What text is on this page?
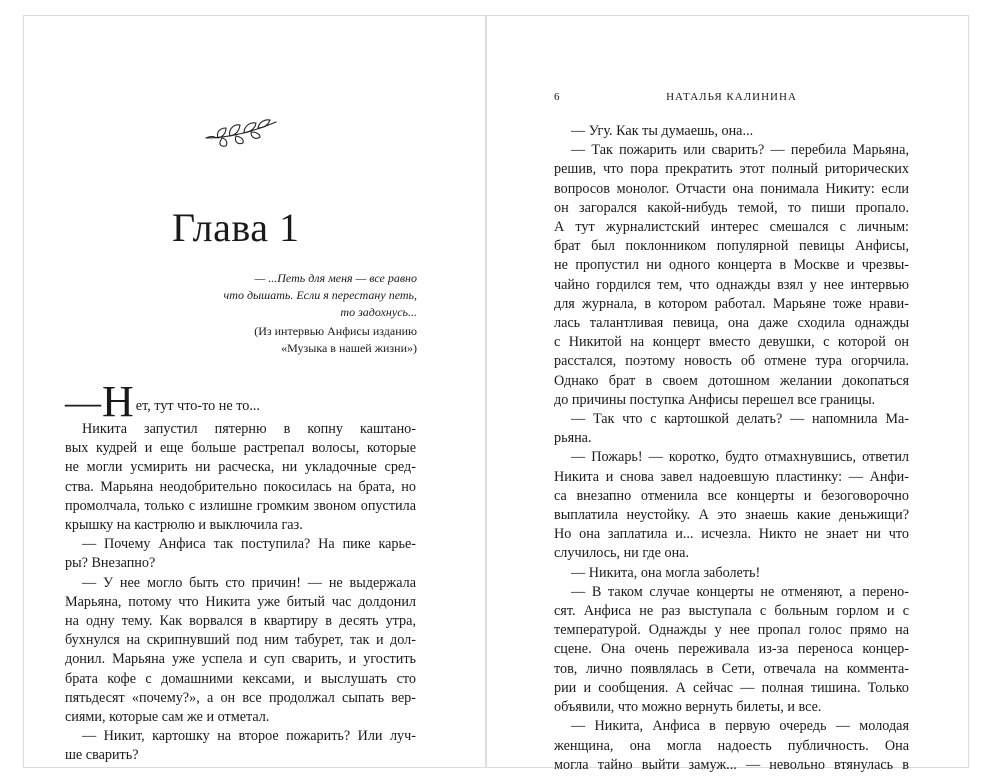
Глава 1
— ...Петь для меня — все равно
что дышать. Если я перестану петь,
то задохнусь...
(Из интервью Анфисы изданию
«Музыка в нашей жизни»)
— Н ет, тут что-то не то...

Никита запустил пятерню в копну каштано-

вых кудрей и еще больше растрепал волосы, которые

не могли усмирить ни расческа, ни укладочные сред-

ства. Марьяна неодобрительно покосилась на брата, но

промолчала, только с излишне громким звоном опустила

крышку на кастрюлю и выключила газ.

— Почему Анфиса так поступила? На пике карье-

ры? Внезапно?

— У нее могло быть сто причин! — не выдержала

Марьяна, потому что Никита уже битый час долдонил

на одну тему. Как ворвался в квартиру в десять утра,

бухнулся на скрипнувший под ним табурет, так и дол-

донил. Марьяна уже успела и суп сварить, и угостить

брата кофе с домашними кексами, и выслушать сто

пятьдесят «почему?», а он все продолжал сыпать вер-

сиями, которые сам же и отметал.

— Никит, картошку на второе пожарить? Или луч-

ше сварить?

6	НАТАЛЬЯ КАЛИНИНА

— Угу. Как ты думаешь, она...

— Так пожарить или сварить? — перебила Марьяна,

решив, что пора прекратить этот полный риторических

вопросов монолог. Отчасти она понимала Никиту: если

он загорался какой-нибудь темой, то пиши пропало.

А тут журналистский интерес смешался с личным:

брат был поклонником популярной певицы Анфисы,

не пропустил ни одного концерта в Москве и чрезвы-

чайно гордился тем, что однажды взял у нее интервью

для журнала, в котором работал. Марьяне тоже нрави-

лась талантливая певица, она даже сходила однажды

с Никитой на концерт вместо девушки, с которой он

расстался, поэтому новость об отмене тура огорчила.

Однако брат в своем дотошном желании докопаться

до причины поступка Анфисы перешел все границы.

— Так что с картошкой делать? — напомнила Ма-

рьяна.

— Пожарь! — коротко, будто отмахнувшись, ответил

Никита и снова завел надоевшую пластинку: — Анфи-

са внезапно отменила все концерты и безоговорочно

выплатила неустойку. А это знаешь какие деньжищи?

Но она заплатила и... исчезла. Никто не знает ни что

случилось, ни где она.

— Никита, она могла заболеть!

— В таком случае концерты не отменяют, а перено-

сят. Анфиса не раз выступала с больным горлом и с

температурой. Однажды у нее пропал голос прямо на

сцене. Она очень переживала из-за переноса концер-

тов, лично появлялась в Сети, отвечала на коммента-

рии и сообщения. А сейчас — полная тишина. Только

объявили, что можно вернуть билеты, и все.

— Никита, Анфиса в первую очередь — молодая

женщина, она могла надоесть публичность. Она

могла тайно выйти замуж... — невольно втянулась в
